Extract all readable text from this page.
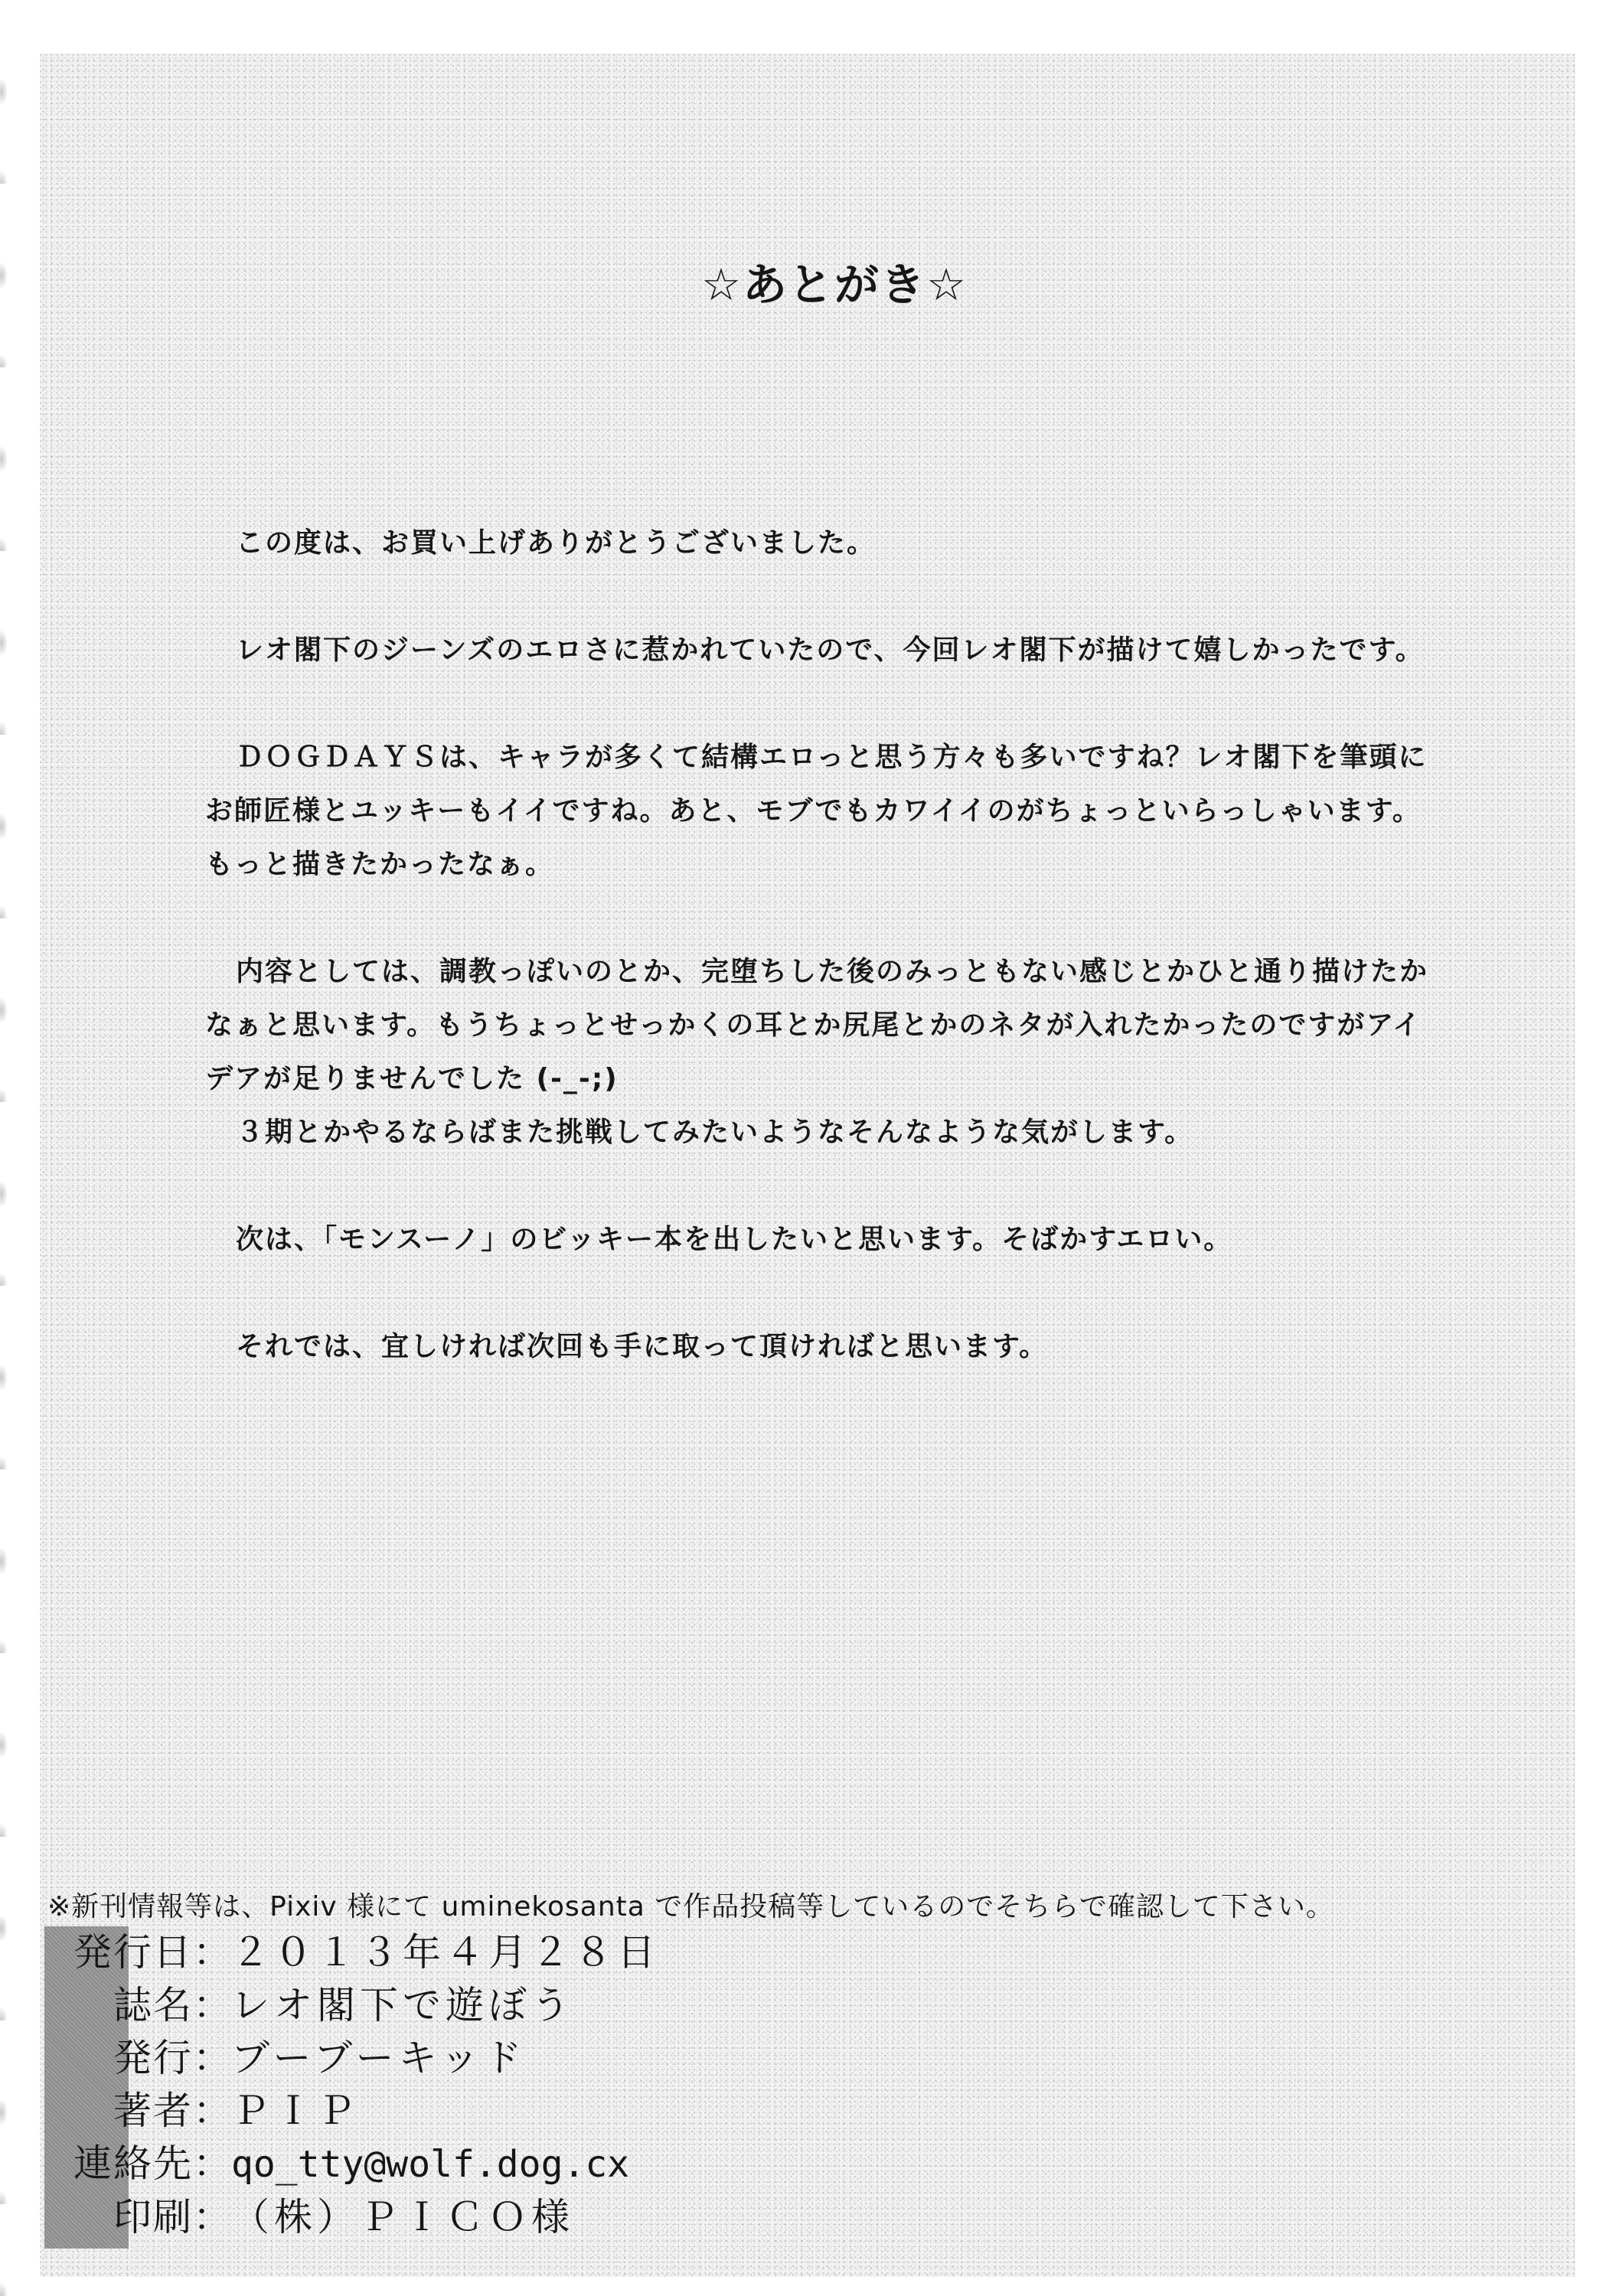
☆あとがき☆

この度は、お買い上げありがとうございました。

レオ閣下のジーンズのエロさに惹かれていたので、今回レオ閣下が描けて嬉しかったです。

ＤＯＧＤＡＹＳは、キャラが多くて結構エロっと思う方々も多いですね？レオ閣下を筆頭にお師匠様とユッキーもイイですね。あと、モブでもカワイイのがちょっといらっしゃいます。もっと描きたかったなぁ。

内容としては、調教っぽいのとか、完堕ちした後のみっともない感じとかひと通り描けたかなぁと思います。もうちょっとせっかくの耳とか尻尾とかのネタが入れたかったのですがアイデアが足りませんでした (-_-;)

３期とかやるならばまた挑戦してみたいようなそんなような気がします。

次は、「モンスーノ」のビッキー本を出したいと思います。そばかすエロい。

それでは、宜しければ次回も手に取って頂ければと思います。

※新刊情報等は、Pixiv 様にて uminekosanta で作品投稿等しているのでそちらで確認して下さい。
発行日 ： ２０１３年４月２８日
誌名 ： レオ閣下で遊ぼう
発行 ： ブーブーキッド
著者 ： ＰＩＰ
連絡先 ： qo_tty@wolf.dog.cx
印刷 ： （株）ＰＩＣＯ様
